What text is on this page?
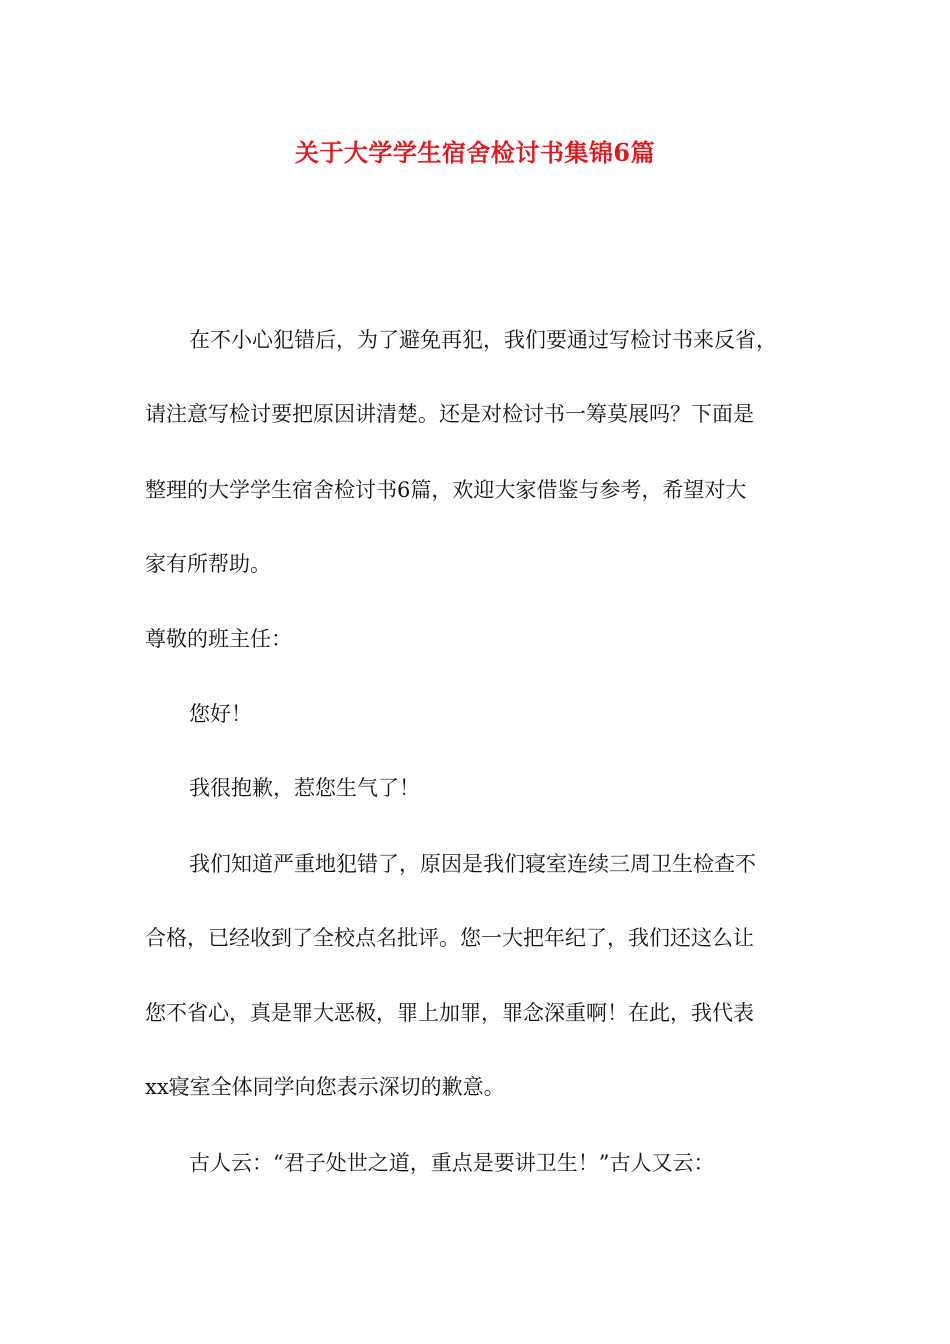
关于大学学生宿舍检讨书集锦6篇
在不小心犯错后，为了避免再犯，我们要通过写检讨书来反省，
请注意写检讨要把原因讲清楚。还是对检讨书一筹莫展吗？下面是
整理的大学学生宿舍检讨书6篇，欢迎大家借鉴与参考，希望对大
家有所帮助。
尊敬的班主任：
您好！
我很抱歉，惹您生气了！
我们知道严重地犯错了，原因是我们寝室连续三周卫生检查不
合格，已经收到了全校点名批评。您一大把年纪了，我们还这么让
您不省心，真是罪大恶极，罪上加罪，罪念深重啊！在此，我代表
xx寝室全体同学向您表示深切的歉意。
古人云：“君子处世之道，重点是要讲卫生！”古人又云：
